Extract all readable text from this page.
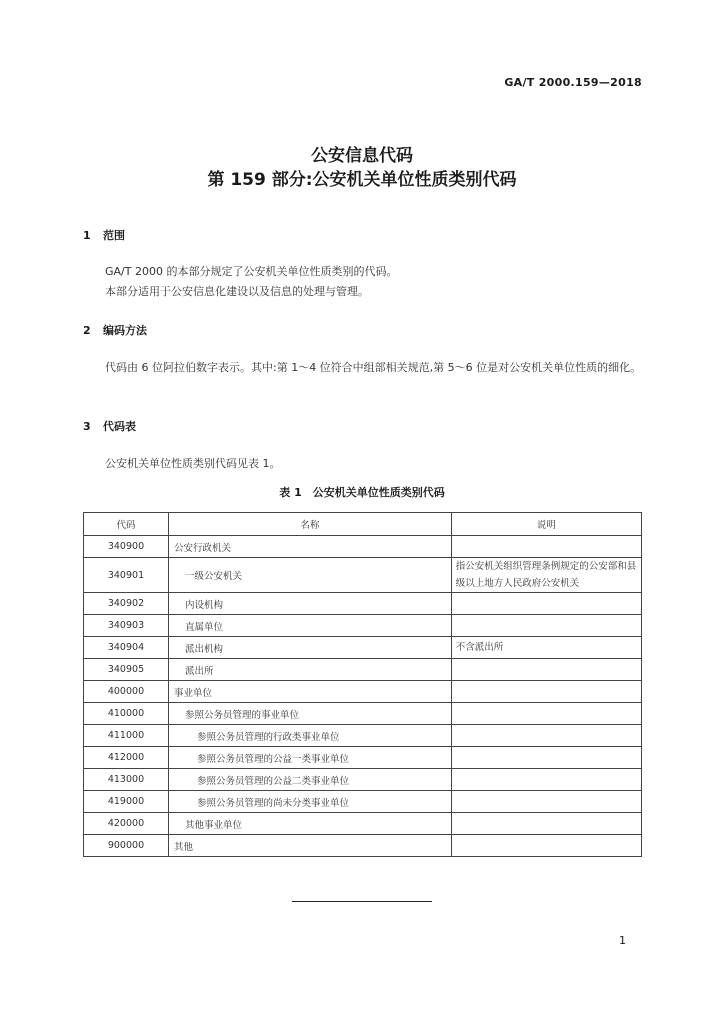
GA/T 2000.159—2018
公安信息代码
第 159 部分:公安机关单位性质类别代码
1 范围
GA/T 2000 的本部分规定了公安机关单位性质类别的代码。
本部分适用于公安信息化建设以及信息的处理与管理。
2 编码方法
代码由 6 位阿拉伯数字表示。其中:第 1～4 位符合中组部相关规范,第 5～6 位是对公安机关单位性质的细化。
3 代码表
公安机关单位性质类别代码见表 1。
表 1　公安机关单位性质类别代码
代码	名称	说明
340900	公安行政机关	
340901	一级公安机关	指公安机关组织管理条例规定的公安部和县级以上地方人民政府公安机关
340902	内设机构	
340903	直属单位	
340904	派出机构	不含派出所
340905	派出所	
400000	事业单位	
410000	参照公务员管理的事业单位	
411000	参照公务员管理的行政类事业单位	
412000	参照公务员管理的公益一类事业单位	
413000	参照公务员管理的公益二类事业单位	
419000	参照公务员管理的尚未分类事业单位	
420000	其他事业单位	
900000	其他	
1
